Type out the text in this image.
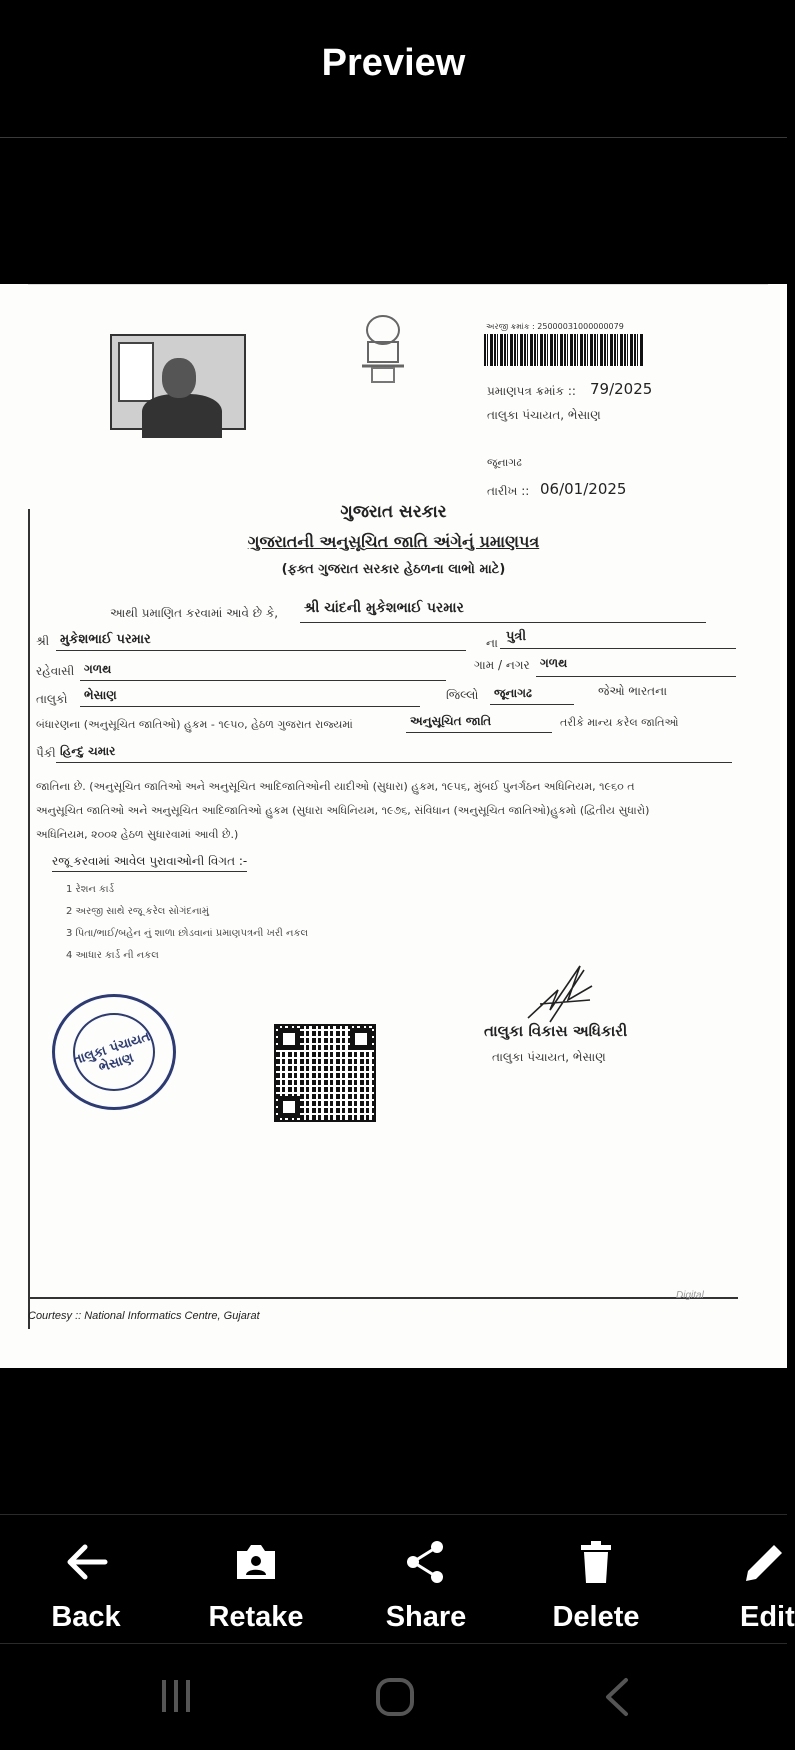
Preview
અરજી ક્રમાંક : 25000031000000079
પ્રમાણપત્ર ક્રમાંક :: 79/2025
તાલુકા પંચાયત, ભેસાણ
જૂનાગઢ
તારીખ :: 06/01/2025
ગુજરાત સરકાર
ગુજરાતની અનુસૂચિત જાતિ અંગેનું પ્રમાણપત્ર
(ફક્ત ગુજરાત સરકાર હેઠળના લાભો માટે)
આથી પ્રમાણિત કરવામાં આવે છે કે, શ્રી ચાંદની મુકેશભાઈ પરમાર
શ્રી મુકેશભાઈ પરમાર	ના પુત્રી
રહેવાસી ગળથ	ગામ / નગર ગળથ
તાલુકો ભેસાણ	જિલ્લો જૂનાગઢ	જેઓ ભારતના
બંધારણના (અનુસૂચિત જાતિઓ) હુકમ - ૧૯૫૦, હેઠળ ગુજરાત રાજ્યમાં	અનુસૂચિત જાતિ	તરીકે માન્ય કરેલ જાતિઓ
પૈકી હિન્દુ ચમાર
જાતિના છે. (અનુસૂચિત જાતિઓ અને અનુસૂચિત આદિજાતિઓની યાદીઓ (સુધારા) હુકમ, ૧૯૫૬, મુંબઈ પુનર્ગઠન અધિનિયમ, ૧૯૬૦ ત
અનુસૂચિત જાતિઓ અને અનુસૂચિત આદિજાતિઓ હુકમ (સુધારા અધિનિયમ, ૧૯૭૬, સંવિધાન (અનુસૂચિત જાતિઓ)હુકમો (દ્વિતીય સુધારો)
અધિનિયમ, ૨૦૦૨ હેઠળ સુધારવામાં આવી છે.)
રજૂ કરવામાં આવેલ પુરાવાઓની વિગત :-
1 રેશન કાર્ડ
2 અરજી સાથે રજૂ કરેલ સોગંદનામું
3 પિતા/ભાઈ/બહેન નું શાળા છોડવાનાં પ્રમાણપત્રની ખરી નકલ
4 આધાર કાર્ડ ની નકલ
તાલુકા પંચાયત ભેસાણ
તાલુકા વિકાસ અધિકારી
તાલુકા પંચાયત, ભેસાણ
Digital
Courtesy :: National Informatics Centre, Gujarat
Back	Retake	Share	Delete	Edit
